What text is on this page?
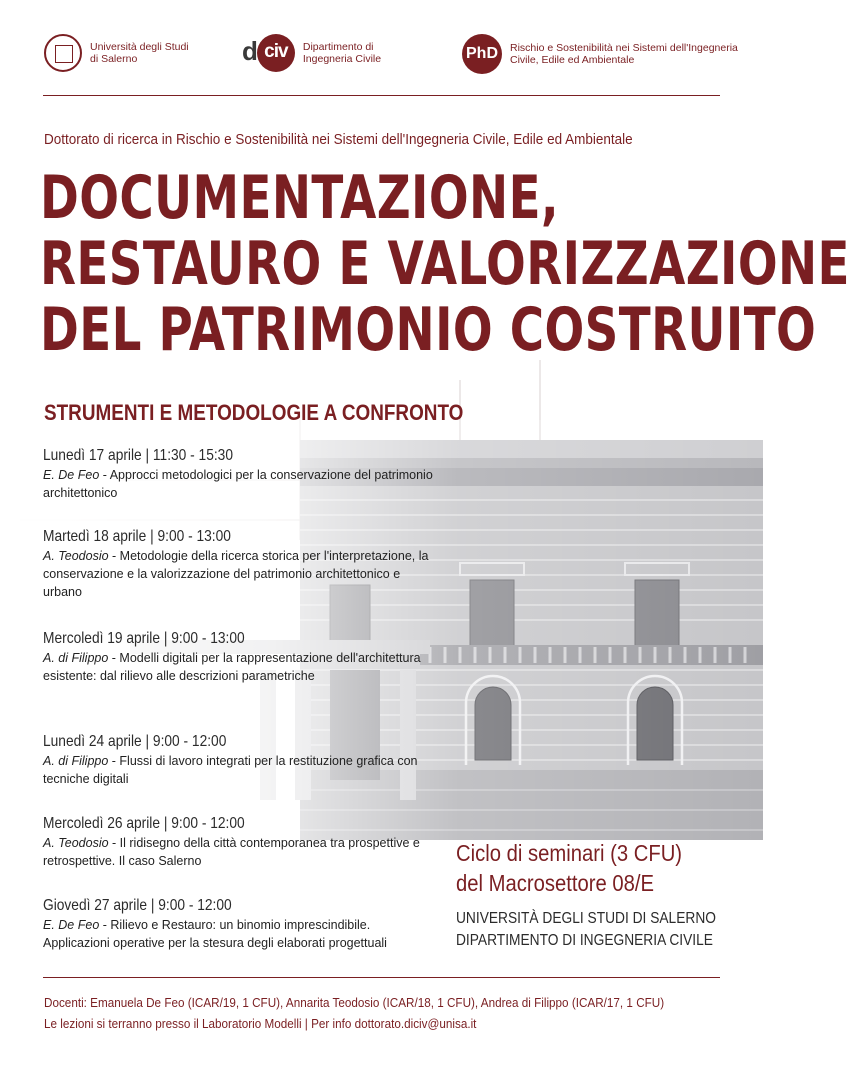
Università degli Studi
di Salerno	d civ	Dipartimento di
Ingegneria Civile	PhD	Rischio e Sostenibilità nei Sistemi dell'Ingegneria
Civile, Edile ed Ambientale
Dottorato di ricerca in Rischio e Sostenibilità nei Sistemi dell'Ingegneria Civile, Edile ed Ambientale
DOCUMENTAZIONE,
RESTAURO E VALORIZZAZIONE
DEL PATRIMONIO COSTRUITO
STRUMENTI E METODOLOGIE A CONFRONTO
Lunedì 17 aprile | 11:30 - 15:30
E. De Feo - Approcci metodologici per la conservazione del patrimonio architettonico
Martedì 18 aprile | 9:00 - 13:00
A. Teodosio - Metodologie della ricerca storica per l'interpretazione, la conservazione e la valorizzazione del patrimonio architettonico e urbano
Mercoledì 19 aprile | 9:00 - 13:00
A. di Filippo - Modelli digitali per la rappresentazione dell'architettura esistente: dal rilievo alle descrizioni parametriche
Lunedì 24 aprile | 9:00 - 12:00
A. di Filippo - Flussi di lavoro integrati per la restituzione grafica con tecniche digitali
Mercoledì 26 aprile | 9:00 - 12:00
A. Teodosio - Il ridisegno della città contemporanea tra prospettive e retrospettive. Il caso Salerno
Giovedì 27 aprile | 9:00 - 12:00
E. De Feo - Rilievo e Restauro: un binomio imprescindibile. Applicazioni operative per la stesura degli elaborati progettuali
Ciclo di seminari (3 CFU)
del Macrosettore 08/E
UNIVERSITÀ DEGLI STUDI DI SALERNO
DIPARTIMENTO DI INGEGNERIA CIVILE
Docenti: Emanuela De Feo (ICAR/19, 1 CFU), Annarita Teodosio (ICAR/18, 1 CFU), Andrea di Filippo (ICAR/17, 1 CFU)
Le lezioni si terranno presso il Laboratorio Modelli | Per info dottorato.diciv@unisa.it
